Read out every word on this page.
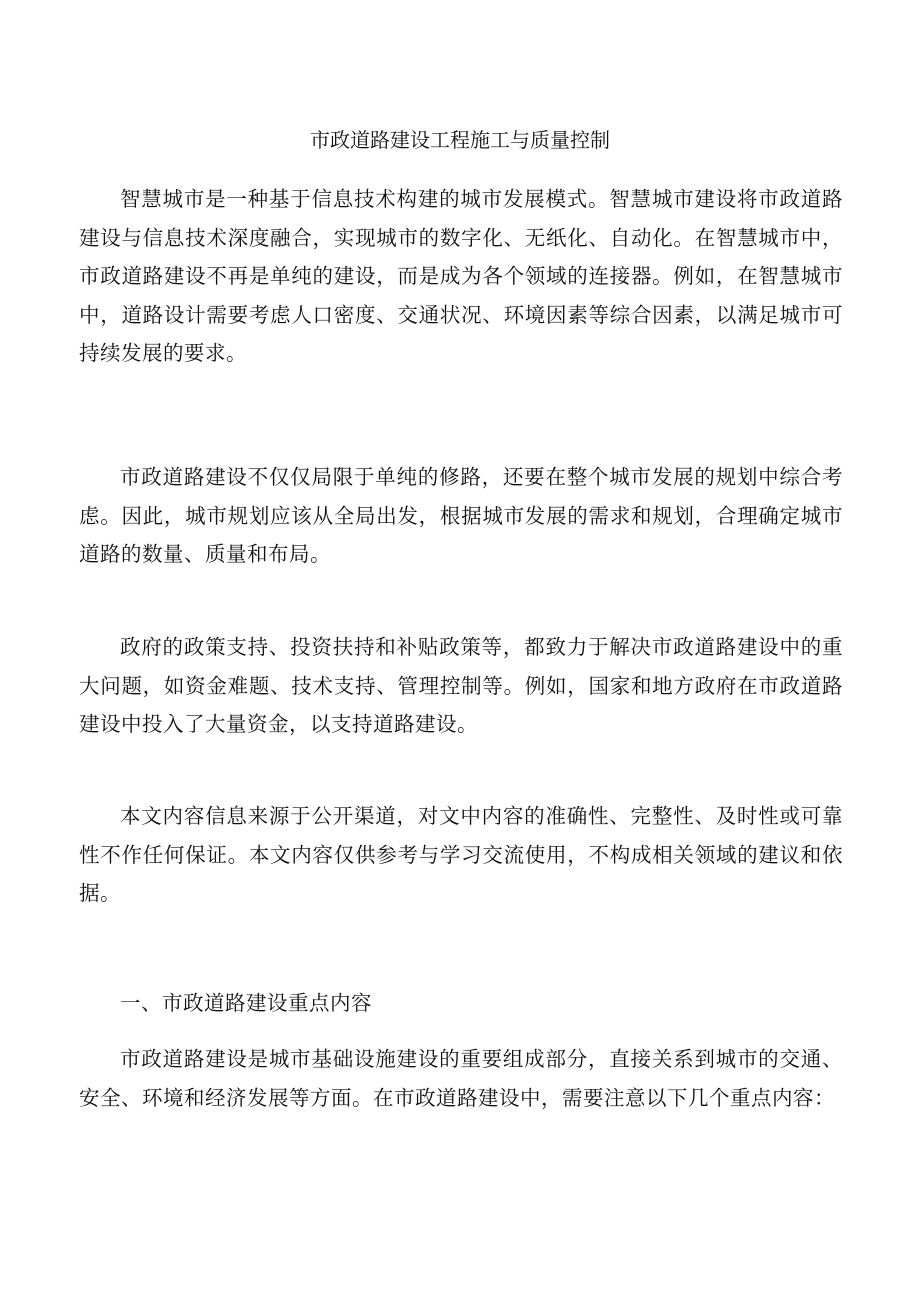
市政道路建设工程施工与质量控制

智慧城市是一种基于信息技术构建的城市发展模式。智慧城市建设将市政道路建设与信息技术深度融合，实现城市的数字化、无纸化、自动化。在智慧城市中，市政道路建设不再是单纯的建设，而是成为各个领域的连接器。例如，在智慧城市中，道路设计需要考虑人口密度、交通状况、环境因素等综合因素，以满足城市可持续发展的要求。

市政道路建设不仅仅局限于单纯的修路，还要在整个城市发展的规划中综合考虑。因此，城市规划应该从全局出发，根据城市发展的需求和规划，合理确定城市道路的数量、质量和布局。

政府的政策支持、投资扶持和补贴政策等，都致力于解决市政道路建设中的重大问题，如资金难题、技术支持、管理控制等。例如，国家和地方政府在市政道路建设中投入了大量资金，以支持道路建设。

本文内容信息来源于公开渠道，对文中内容的准确性、完整性、及时性或可靠性不作任何保证。本文内容仅供参考与学习交流使用，不构成相关领域的建议和依据。

一、市政道路建设重点内容

市政道路建设是城市基础设施建设的重要组成部分，直接关系到城市的交通、安全、环境和经济发展等方面。在市政道路建设中，需要注意以下几个重点内容：
